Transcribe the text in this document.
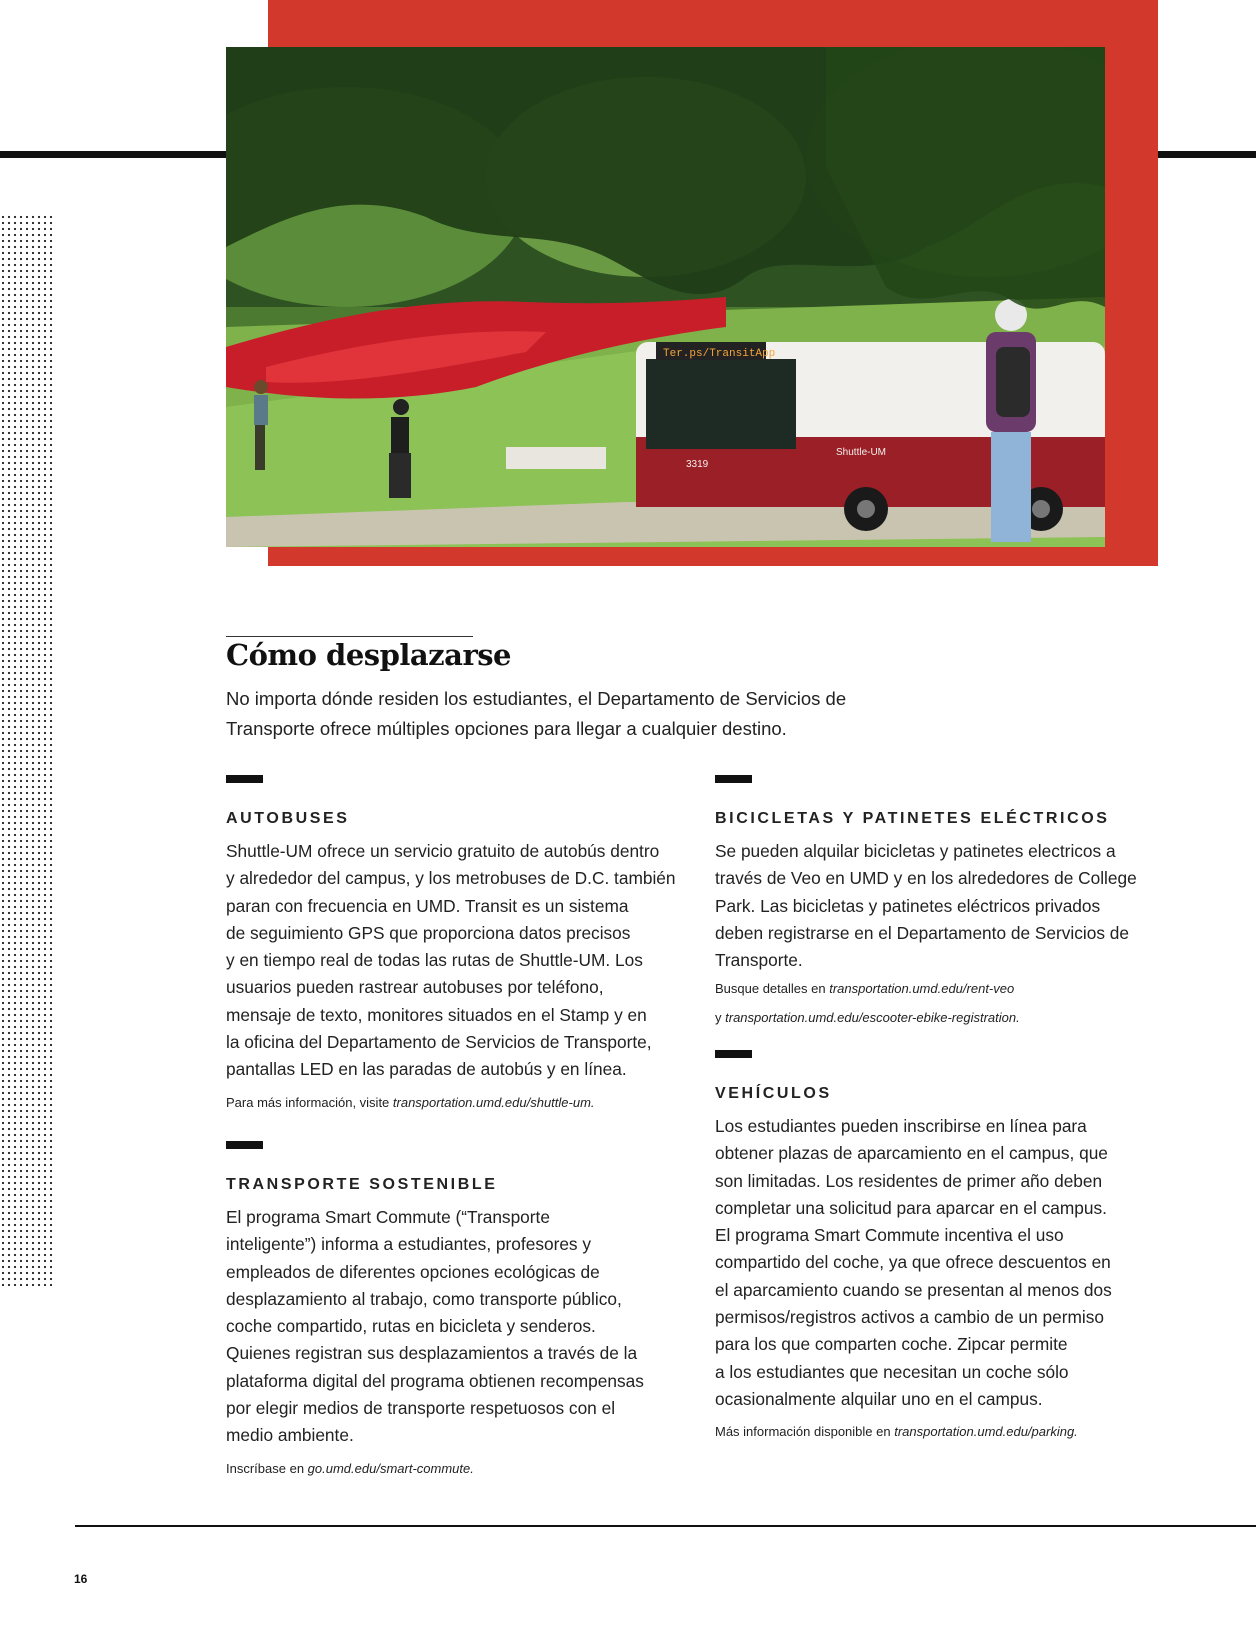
Ter.ps/TransitApp
Shuttle-UM
3319
Cómo desplazarse
No importa dónde residen los estudiantes, el Departamento de Servicios de
Transporte ofrece múltiples opciones para llegar a cualquier destino.
AUTOBUSES
Shuttle-UM ofrece un servicio gratuito de autobús dentro
y alrededor del campus, y los metrobuses de D.C. también
paran con frecuencia en UMD. Transit es un sistema
de seguimiento GPS que proporciona datos precisos
y en tiempo real de todas las rutas de Shuttle-UM. Los
usuarios pueden rastrear autobuses por teléfono,
mensaje de texto, monitores situados en el Stamp y en
la oficina del Departamento de Servicios de Transporte,
pantallas LED en las paradas de autobús y en línea.

Para más información, visite transportation.umd.edu/shuttle-um.

TRANSPORTE SOSTENIBLE
El programa Smart Commute (“Transporte
inteligente”) informa a estudiantes, profesores y
empleados de diferentes opciones ecológicas de
desplazamiento al trabajo, como transporte público,
coche compartido, rutas en bicicleta y senderos.
Quienes registran sus desplazamientos a través de la
plataforma digital del programa obtienen recompensas
por elegir medios de transporte respetuosos con el
medio ambiente.

Inscríbase en go.umd.edu/smart-commute.

BICICLETAS Y PATINETES ELÉCTRICOS
Se pueden alquilar bicicletas y patinetes electricos a
través de Veo en UMD y en los alrededores de College
Park. Las bicicletas y patinetes eléctricos privados
deben registrarse en el Departamento de Servicios de
Transporte.

Busque detalles en transportation.umd.edu/rent-veo

y transportation.umd.edu/escooter-ebike-registration.

VEHÍCULOS
Los estudiantes pueden inscribirse en línea para
obtener plazas de aparcamiento en el campus, que
son limitadas. Los residentes de primer año deben
completar una solicitud para aparcar en el campus.
El programa Smart Commute incentiva el uso
compartido del coche, ya que ofrece descuentos en
el aparcamiento cuando se presentan al menos dos
permisos/registros activos a cambio de un permiso
para los que comparten coche. Zipcar permite
a los estudiantes que necesitan un coche sólo
ocasionalmente alquilar uno en el campus.

Más información disponible en transportation.umd.edu/parking.

16
